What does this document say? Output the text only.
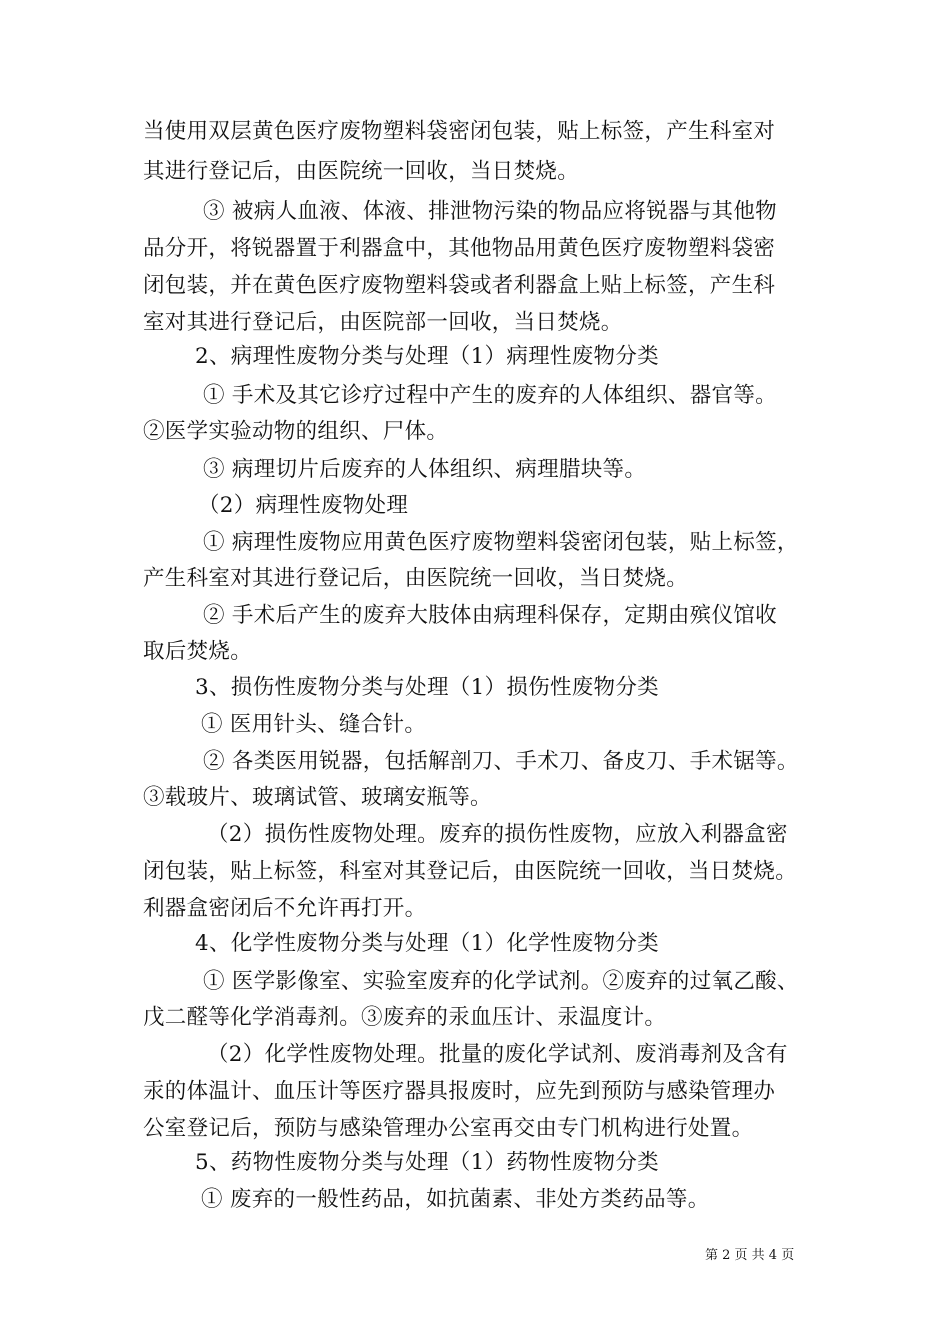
当使用双层黄色医疗废物塑料袋密闭包装，贴上标签，产生科室对
其进行登记后，由医院统一回收，当日焚烧。
③ 被病人血液、体液、排泄物污染的物品应将锐器与其他物
品分开，将锐器置于利器盒中，其他物品用黄色医疗废物塑料袋密
闭包装，并在黄色医疗废物塑料袋或者利器盒上贴上标签，产生科
室对其进行登记后，由医院部一回收，当日焚烧。
2、病理性废物分类与处理（1）病理性废物分类
① 手术及其它诊疗过程中产生的废弃的人体组织、器官等。
②医学实验动物的组织、尸体。
③ 病理切片后废弃的人体组织、病理腊块等。
（2）病理性废物处理
① 病理性废物应用黄色医疗废物塑料袋密闭包装，贴上标签，
产生科室对其进行登记后，由医院统一回收，当日焚烧。
② 手术后产生的废弃大肢体由病理科保存，定期由殡仪馆收
取后焚烧。
3、损伤性废物分类与处理（1）损伤性废物分类
① 医用针头、缝合针。
② 各类医用锐器，包括解剖刀、手术刀、备皮刀、手术锯等。
③载玻片、玻璃试管、玻璃安瓶等。
（2）损伤性废物处理。废弃的损伤性废物，应放入利器盒密
闭包装，贴上标签，科室对其登记后，由医院统一回收，当日焚烧。
利器盒密闭后不允许再打开。
4、化学性废物分类与处理（1）化学性废物分类
① 医学影像室、实验室废弃的化学试剂。②废弃的过氧乙酸、
戊二醛等化学消毒剂。③废弃的汞血压计、汞温度计。
（2）化学性废物处理。批量的废化学试剂、废消毒剂及含有
汞的体温计、血压计等医疗器具报废时，应先到预防与感染管理办
公室登记后，预防与感染管理办公室再交由专门机构进行处置。
5、药物性废物分类与处理（1）药物性废物分类
① 废弃的一般性药品，如抗菌素、非处方类药品等。
第 2 页 共 4 页
